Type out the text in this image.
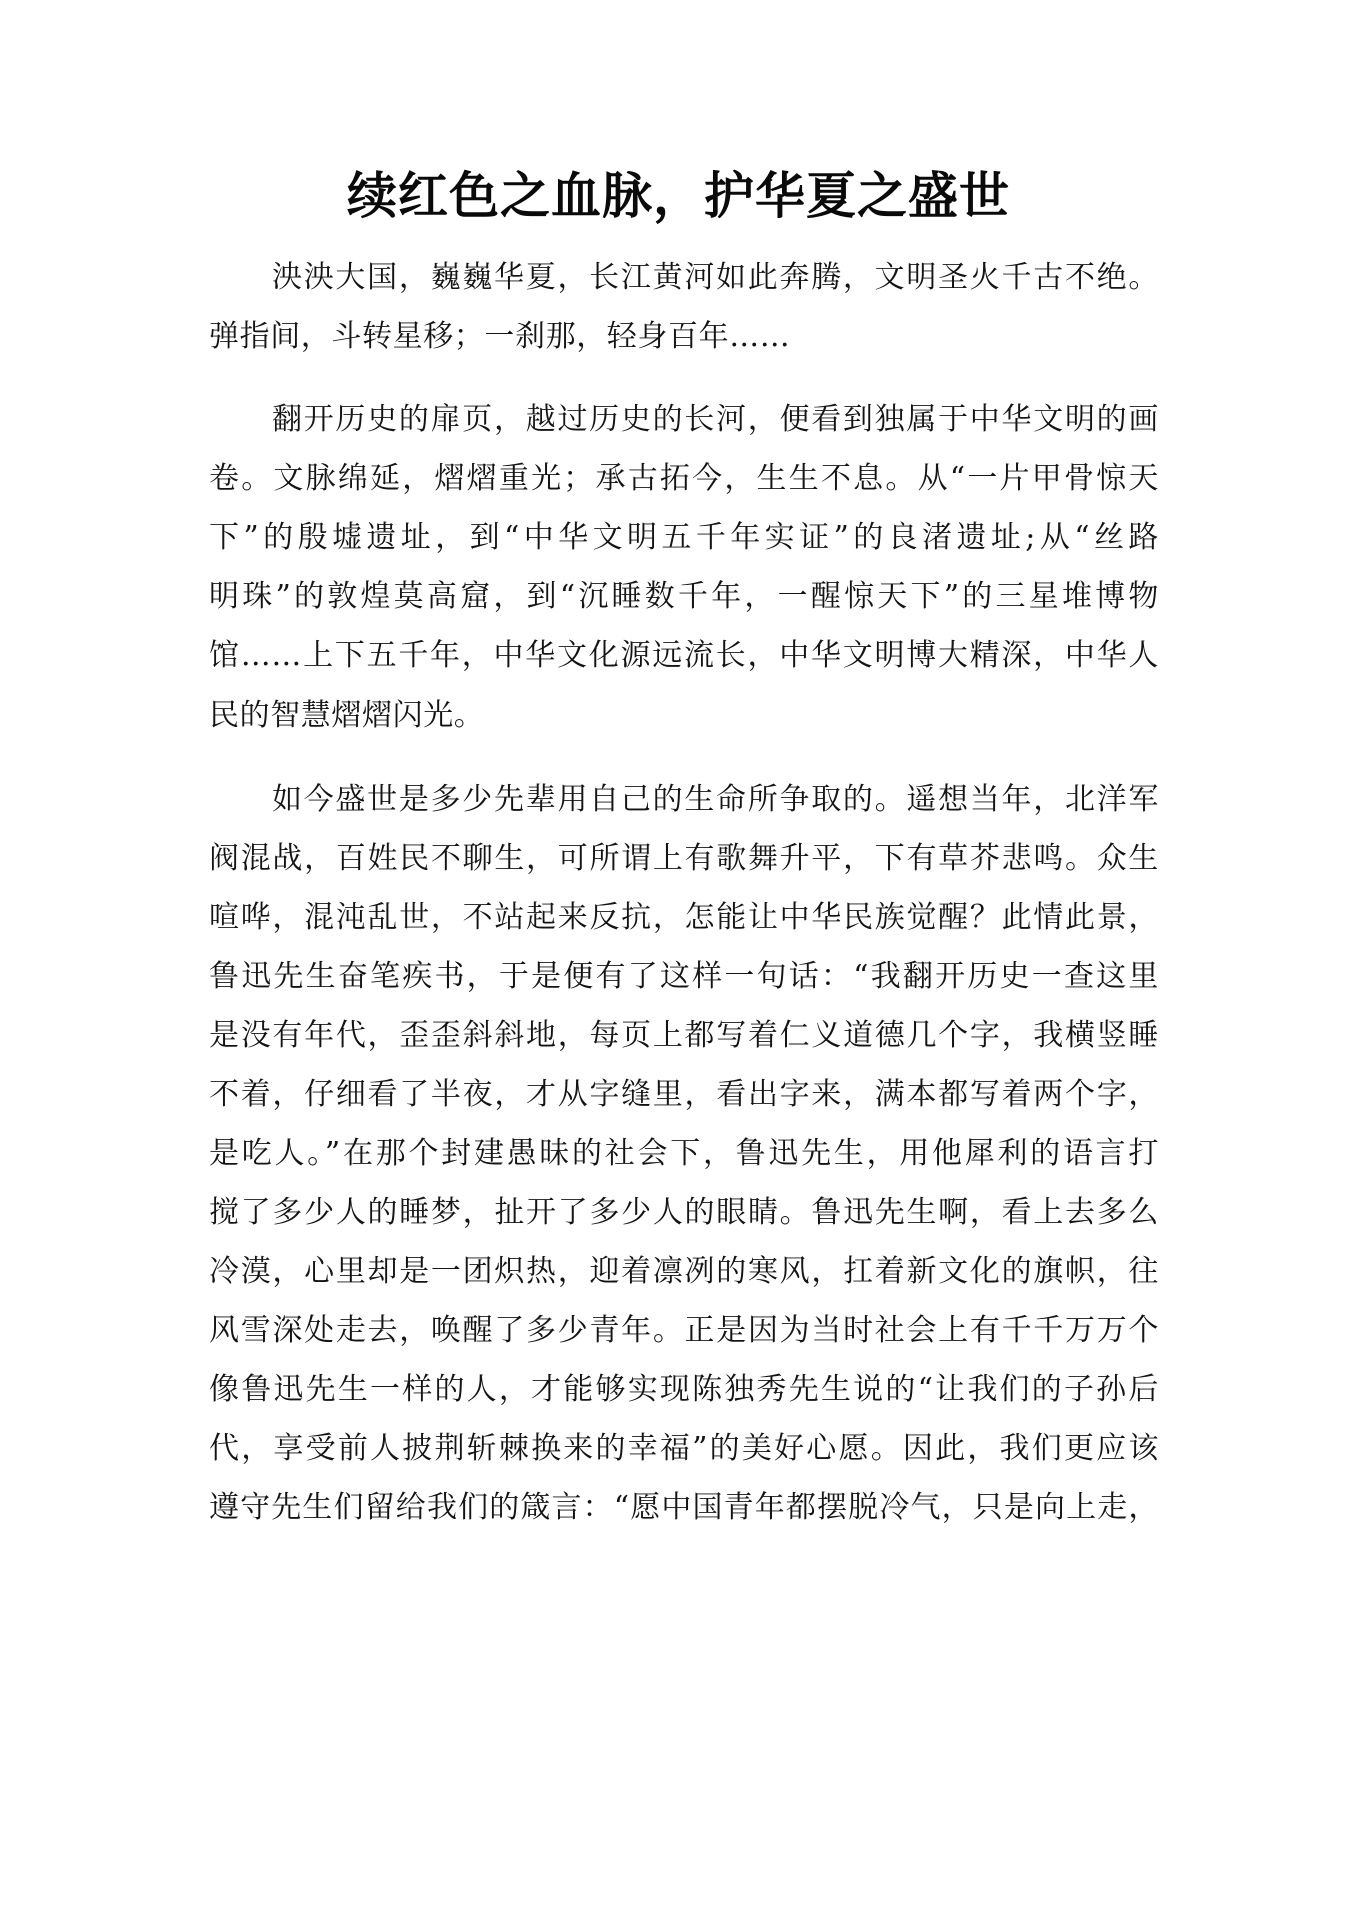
续红色之血脉，护华夏之盛世
泱泱大国，巍巍华夏，长江黄河如此奔腾，文明圣火千古不绝。
弹指间，斗转星移；一刹那，轻身百年……
翻开历史的扉页，越过历史的长河，便看到独属于中华文明的画
卷。文脉绵延，熠熠重光；承古拓今，生生不息。从“一片甲骨惊天
下”的殷墟遗址，到“中华文明五千年实证”的良渚遗址;从“丝路
明珠”的敦煌莫高窟，到“沉睡数千年，一醒惊天下”的三星堆博物
馆……上下五千年，中华文化源远流长，中华文明博大精深，中华人
民的智慧熠熠闪光。
如今盛世是多少先辈用自己的生命所争取的。遥想当年，北洋军
阀混战，百姓民不聊生，可所谓上有歌舞升平，下有草芥悲鸣。众生
喧哗，混沌乱世，不站起来反抗，怎能让中华民族觉醒？此情此景，
鲁迅先生奋笔疾书，于是便有了这样一句话：“我翻开历史一查这里
是没有年代，歪歪斜斜地，每页上都写着仁义道德几个字，我横竖睡
不着，仔细看了半夜，才从字缝里，看出字来，满本都写着两个字，
是吃人。”在那个封建愚昧的社会下，鲁迅先生，用他犀利的语言打
搅了多少人的睡梦，扯开了多少人的眼睛。鲁迅先生啊，看上去多么
冷漠，心里却是一团炽热，迎着凛冽的寒风，扛着新文化的旗帜，往
风雪深处走去，唤醒了多少青年。正是因为当时社会上有千千万万个
像鲁迅先生一样的人，才能够实现陈独秀先生说的“让我们的子孙后
代，享受前人披荆斩棘换来的幸福”的美好心愿。因此，我们更应该
遵守先生们留给我们的箴言：“愿中国青年都摆脱冷气，只是向上走，
